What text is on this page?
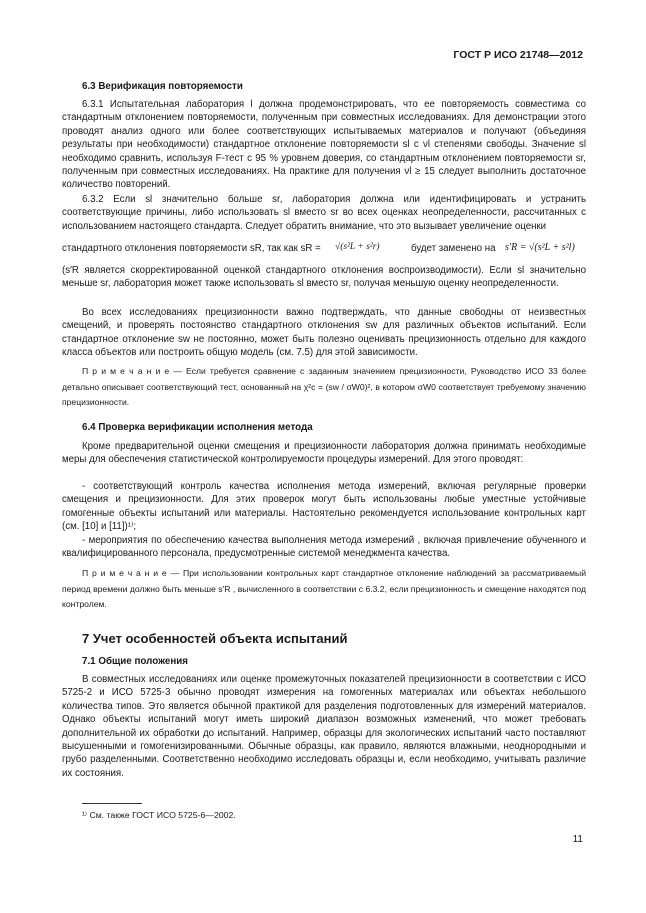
ГОСТ Р ИСО 21748—2012
6.3 Верификация повторяемости
6.3.1 Испытательная лаборатория l должна продемонстрировать, что ее повторяемость совместима со стандартным отклонением повторяемости, полученным при совместных исследованиях. Для демонстрации этого проводят анализ одного или более соответствующих испытываемых материалов и получают (объединяя результаты при необходимости) стандартное отклонение повторяемости sl с νl степенями свободы. Значение sl необходимо сравнить, используя F-тест с 95 % уровнем доверия, со стандартным отклонением повторяемости sr, полученным при совместных исследованиях. На практике для получения νl ≥ 15 следует выполнить достаточное количество повторений.
6.3.2 Если sl значительно больше sr, лаборатория должна или идентифицировать и устранить соответствующие причины, либо использовать sl вместо sr во всех оценках неопределенности, рассчитанных с использованием настоящего стандарта. Следует обратить внимание, что это вызывает увеличение оценки
стандартного отклонения повторяемости sR, так как sR = √(s²L + s²r)	будет заменено на s′R = √(s²L + s²l)
(s′R является скорректированной оценкой стандартного отклонения воспроизводимости). Если sl значительно меньше sr, лаборатория может также использовать sl вместо sr, получая меньшую оценку неопределенности.
Во всех исследованиях прецизионности важно подтверждать, что данные свободны от неизвестных смещений, и проверять постоянство стандартного отклонения sw для различных объектов испытаний. Если стандартное отклонение sw не постоянно, может быть полезно оценивать прецизионность отдельно для каждого класса объектов или построить общую модель (см. 7.5) для этой зависимости.
П р и м е ч а н и е — Если требуется сравнение с заданным значением прецизионности, Руководство ИСО 33 более детально описывает соответствующий тест, основанный на χ²c = (sw / σW0)², в котором σW0 соответствует требуемому значению прецизионности.
6.4 Проверка верификации исполнения метода
Кроме предварительной оценки смещения и прецизионности лаборатория должна принимать необходимые меры для обеспечения статистической контролируемости процедуры измерений. Для этого проводят:
- соответствующий контроль качества исполнения метода измерений, включая регулярные проверки смещения и прецизионности. Для этих проверок могут быть использованы любые уместные устойчивые гомогенные объекты испытаний или материалы. Настоятельно рекомендуется использование контрольных карт (см. [10] и [11])¹⁾;
- мероприятия по обеспечению качества выполнения метода измерений , включая привлечение обученного и квалифицированного персонала, предусмотренные системой менеджмента качества.
П р и м е ч а н и е — При использовании контрольных карт стандартное отклонение наблюдений за рассматриваемый период времени должно быть меньше s′R , вычисленного в соответствии с 6.3.2, если прецизионность и смещение находятся под контролем.
7 Учет особенностей объекта испытаний
7.1 Общие положения
В совместных исследованиях или оценке промежуточных показателей прецизионности в соответствии с ИСО 5725-2 и ИСО 5725-3 обычно проводят измерения на гомогенных материалах или объектах небольшого количества типов. Это является обычной практикой для разделения подготовленных для измерений материалов. Однако объекты испытаний могут иметь широкий диапазон возможных изменений, что может требовать дополнительной их обработки до испытаний. Например, образцы для экологических испытаний часто поставляют высушенными и гомогенизированными. Обычные образцы, как правило, являются влажными, неоднородными и грубо разделенными. Соответственно необходимо исследовать образцы и, если необходимо, учитывать различие их состояния.
¹⁾ См. также ГОСТ ИСО 5725-6—2002.
11
